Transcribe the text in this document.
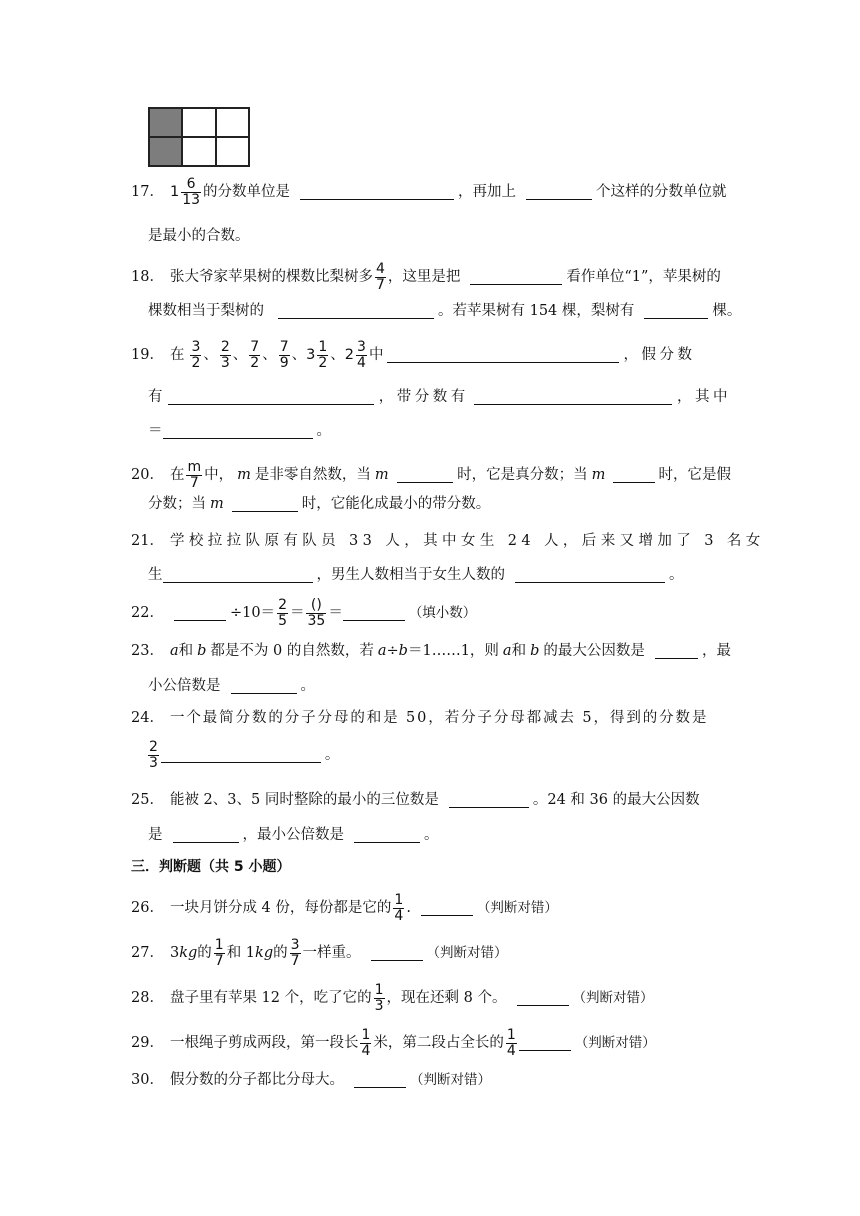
17． $1 \frac{6}{13}$ 的分数单位是	，再加上	个这样的分数单位就
是最小的合数。
18． 张大爷家苹果树的棵数比梨树多 $\frac{4}{7}$ ，这里是把	看作单位“1”，苹果树的
棵数相当于梨树的	。若苹果树有 154 棵，梨树有	棵。
19． 在 $\frac{3}{2}$ 、 $\frac{2}{3}$ 、 $\frac{7}{2}$ 、 $\frac{7}{9}$ 、 $3 \frac{1}{2}$ 、 $2 \frac{3}{4}$ 中	，假分数
有	，带分数有	，其中
＝	。
20． 在 $\frac{m}{7}$ 中， m 是非零自然数，当 m	时，它是真分数；当 m	时，它是假
分数；当 m	时，它能化成最小的带分数。
21． 学校拉拉队原有队员 33 人，其中女生 24 人，后来又增加了 3 名女
生	，男生人数相当于女生人数的	。
22．	$\div 10= \frac{2}{5} = \frac{()}{35}$ ＝	（填小数）
23． a 和 b 都是不为 0 的自然数，若 a ÷ b ＝1……1，则 a 和 b 的最大公因数是	，最
小公倍数是	。
24． 一个最简分数的分子分母的和是 50，若分子分母都减去 5，得到的分数是
$\frac{2}{3}$	。
25． 能被 2、3、5 同时整除的最小的三位数是	。24 和 36 的最大公因数
是	，最小公倍数是	。
三．判断题（共 5 小题）
26． 一块月饼分成 4 份，每份都是它的 $\frac{1}{4}$ .	（判断对错）
27． 3 kg 的 $\frac{1}{7}$ 和 1 kg 的 $\frac{3}{7}$ 一样重。	（判断对错）
28． 盘子里有苹果 12 个，吃了它的 $\frac{1}{3}$ ，现在还剩 8 个。	（判断对错）
29． 一根绳子剪成两段，第一段长 $\frac{1}{4}$ 米，第二段占全长的 $\frac{1}{4}$	（判断对错）
30． 假分数的分子都比分母大。	（判断对错）
